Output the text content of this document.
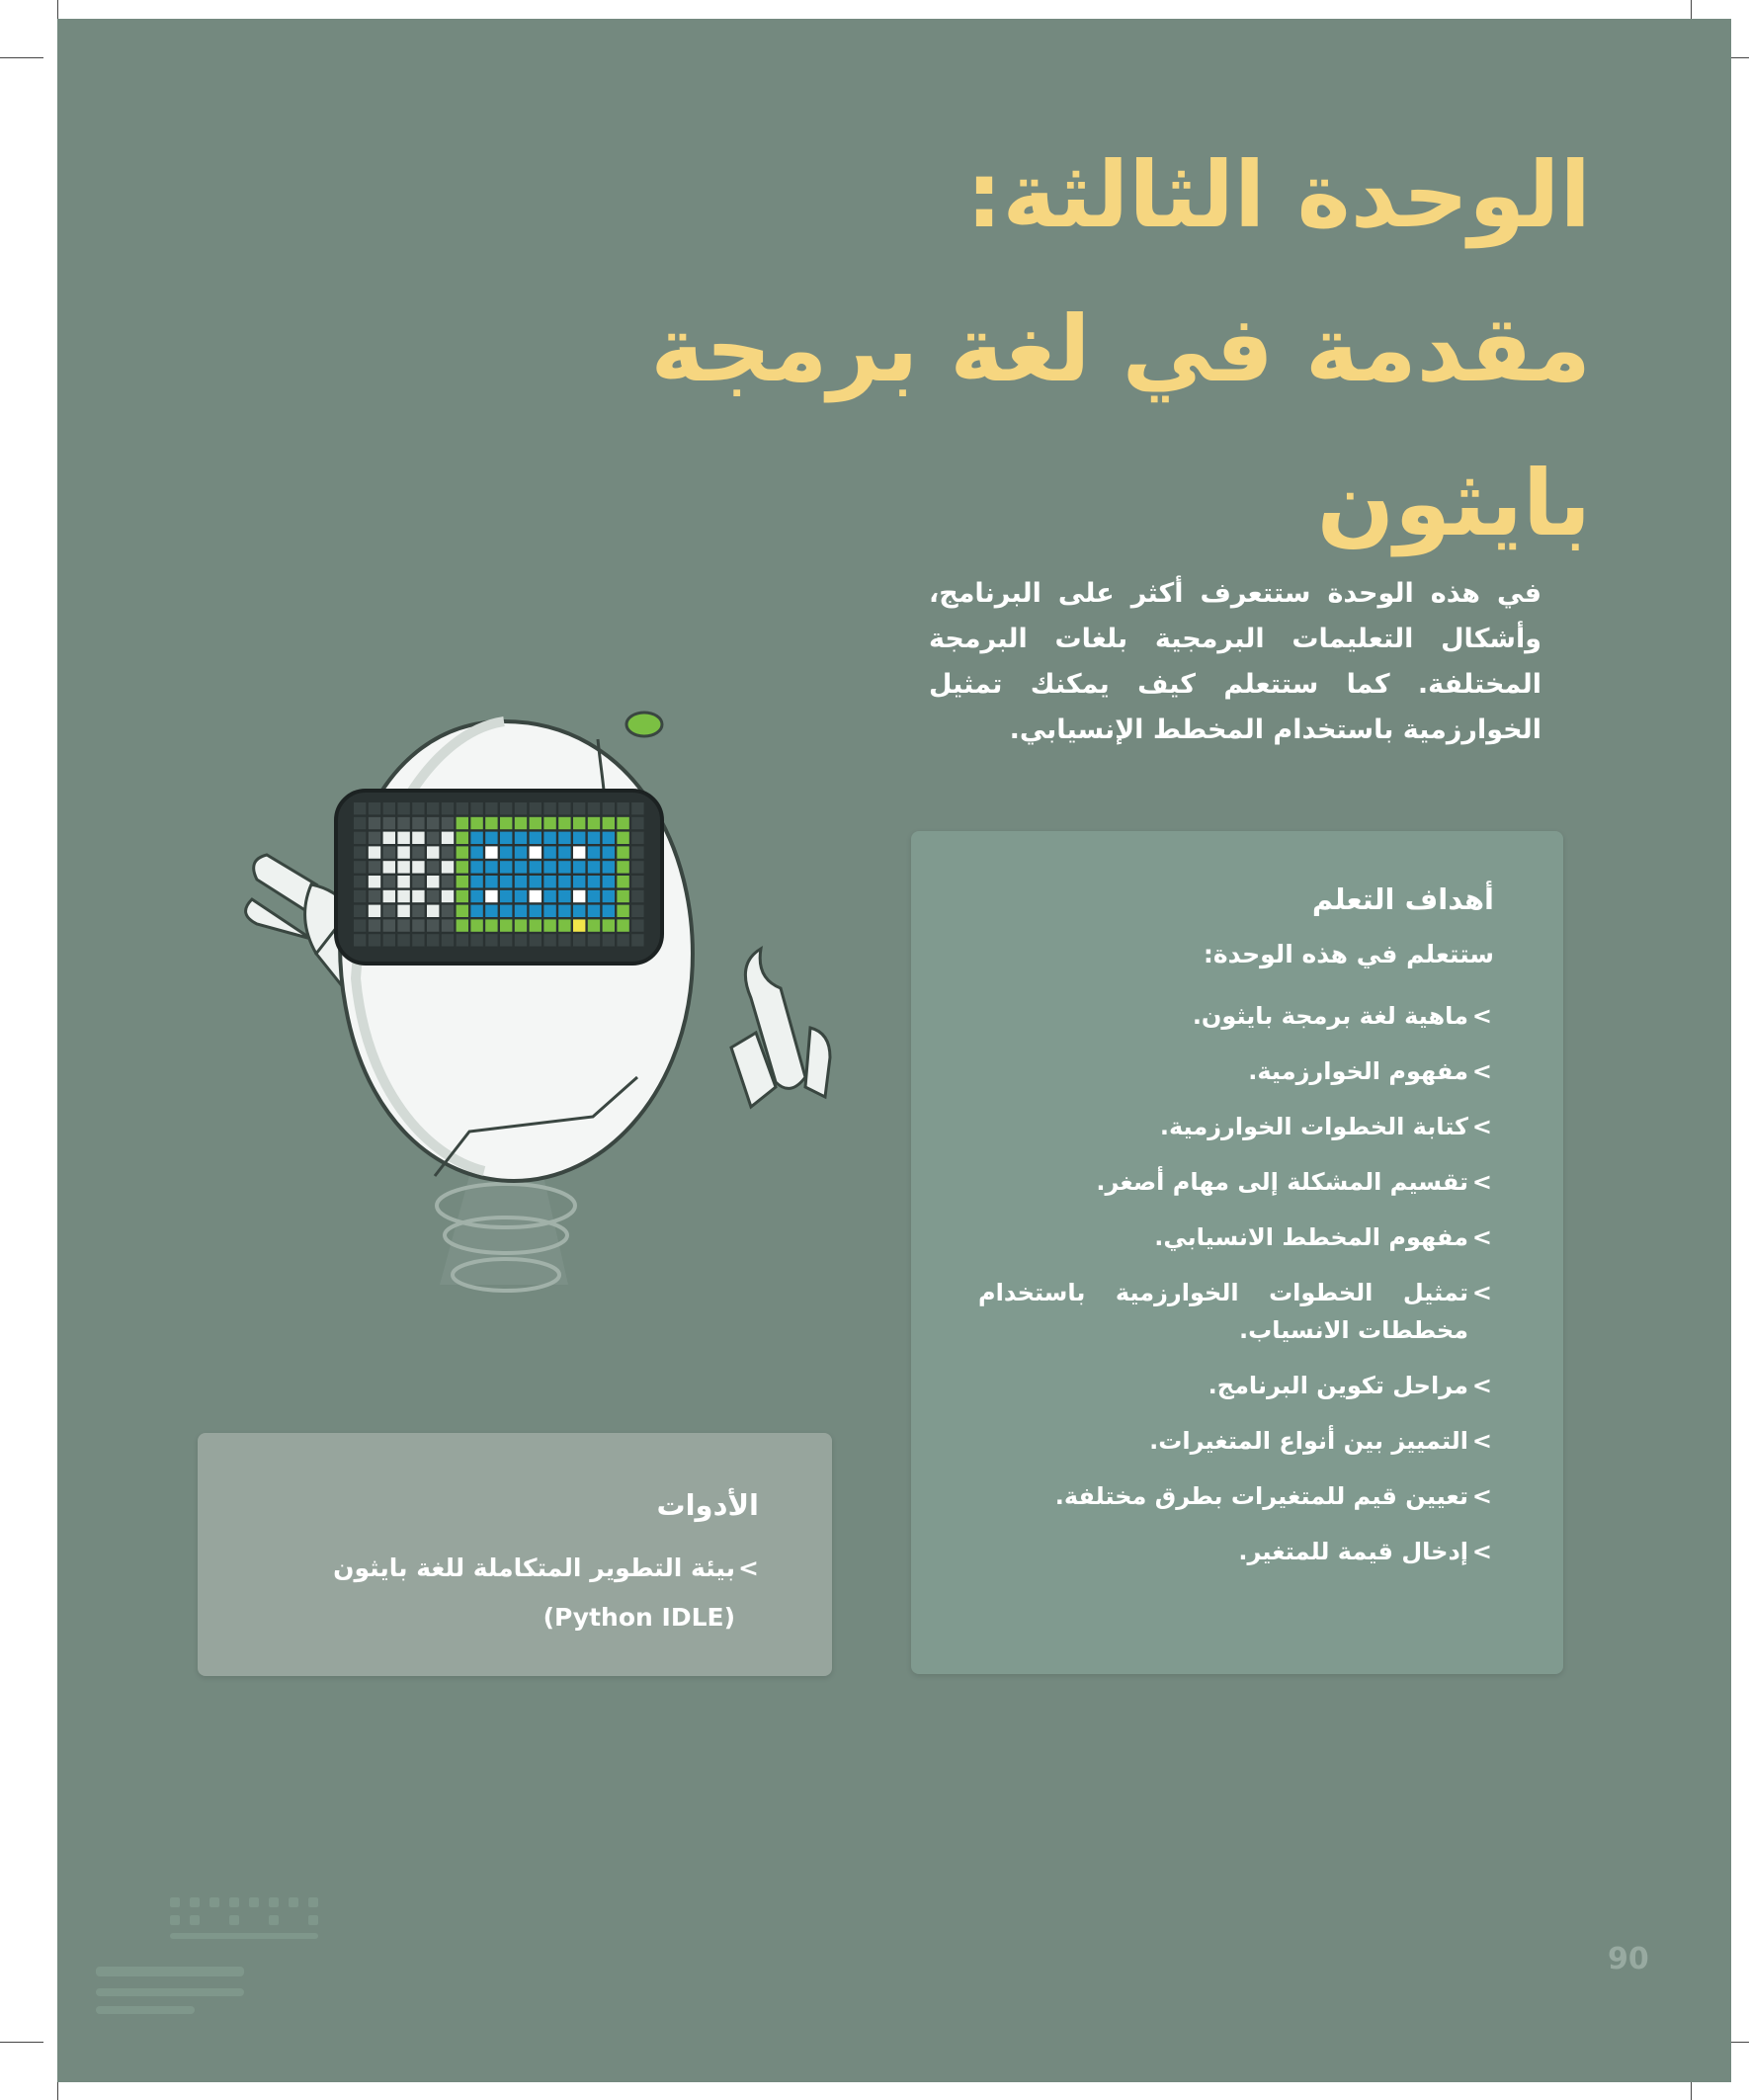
الوحدة الثالثة:
مقدمة في لغة برمجة بايثون

في هذه الوحدة ستتعرف أكثر على البرنامج، وأشكال التعليمات البرمجية بلغات البرمجة المختلفة. كما ستتعلم كيف يمكنك تمثيل الخوارزمية باستخدام المخطط الإنسيابي.

أهداف التعلم

ستتعلم في هذه الوحدة:

>
ماهية لغة برمجة بايثون.
>
مفهوم الخوارزمية.
>
كتابة الخطوات الخوارزمية.
>
تقسيم المشكلة إلى مهام أصغر.
>
مفهوم المخطط الانسيابي.
>
تمثيل الخطوات الخوارزمية باستخدام مخططات الانسياب.
>
مراحل تكوين البرنامج.
>
التمييز بين أنواع المتغيرات.
>
تعيين قيم للمتغيرات بطرق مختلفة.
>
إدخال قيمة للمتغير.
الأدوات

>
بيئة التطوير المتكاملة للغة بايثون
(Python IDLE)

90
